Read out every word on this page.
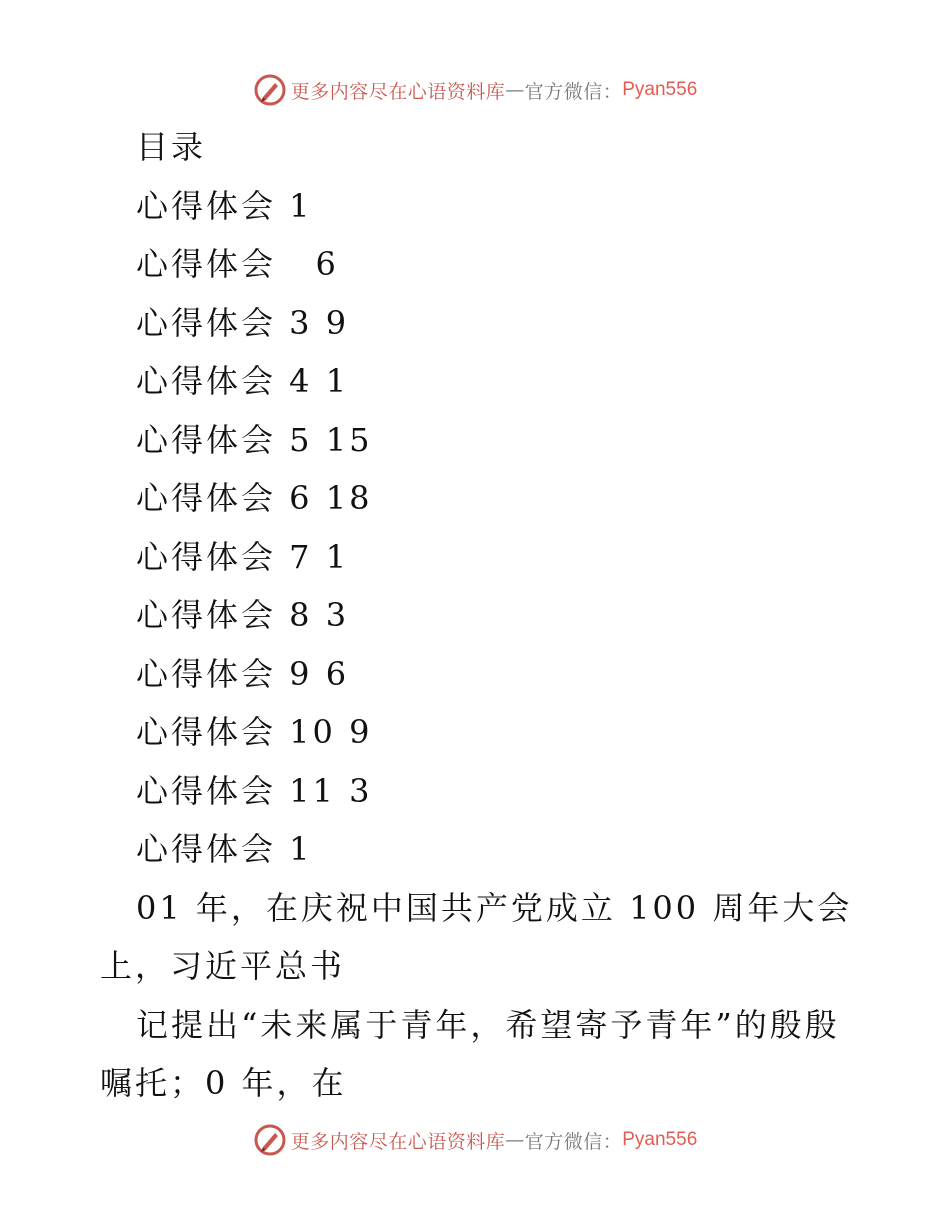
更多内容尽在心语资料库 — 官方微信： Pyan556
目录
心得体会 1
心得体会   6
心得体会 3 9
心得体会 4 1
心得体会 5 15
心得体会 6 18
心得体会 7 1
心得体会 8 3
心得体会 9 6
心得体会 10 9
心得体会 11 3
心得体会 1
01 年，在庆祝中国共产党成立 100 周年大会
上，习近平总书
记提出“未来属于青年，希望寄予青年”的殷殷
嘱托；0 年，在
更多内容尽在心语资料库 — 官方微信： Pyan556
